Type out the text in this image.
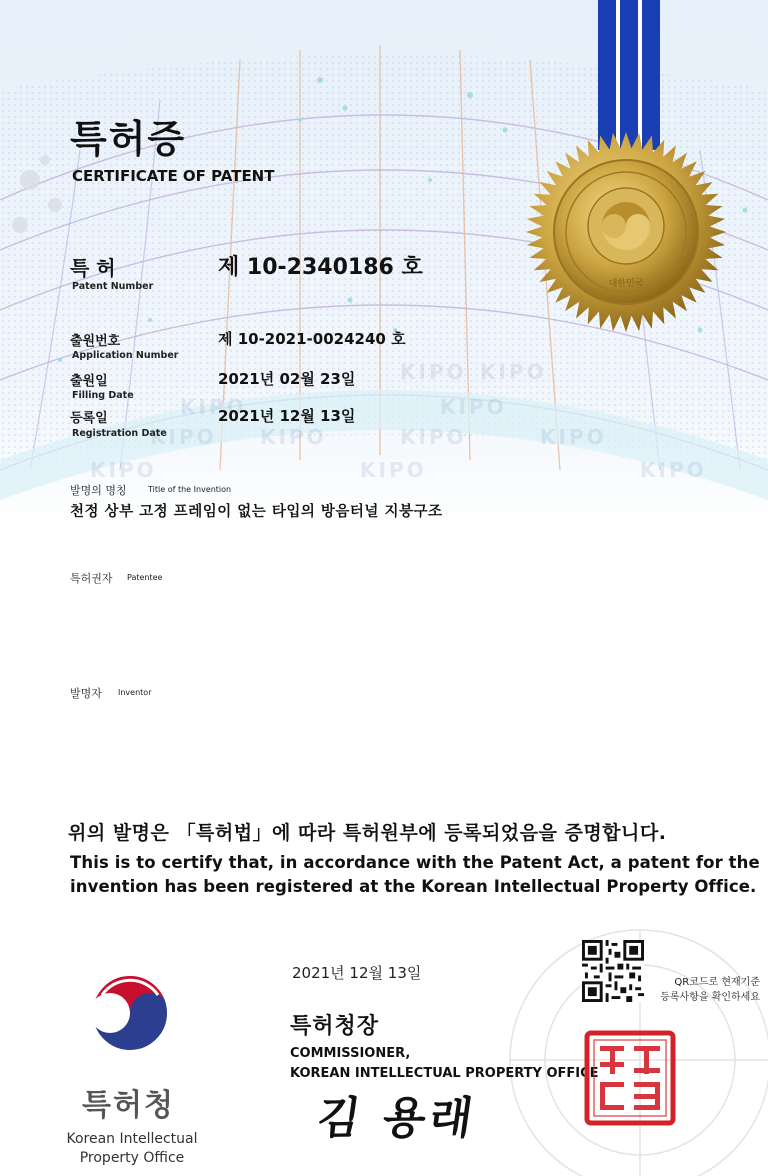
KIPO KIPO
KIPO	KIPO
KIPO KIPO	KIPO	KIPO
KIPO	KIPO	KIPO
대한민국
특허증
CERTIFICATE OF PATENT
특 허
Patent Number
제 10-2340186 호
출원번호
Application Number
제 10-2021-0024240 호
출원일
Filling Date
2021년 02월 23일
등록일
Registration Date
2021년 12월 13일
발명의 명칭	Title of the Invention
천정 상부 고정 프레임이 없는 타입의 방음터널 지붕구조
특허권자 Patentee
발명자 Inventor
위의 발명은 「특허법」에 따라 특허원부에 등록되었음을 증명합니다.
This is to certify that, in accordance with the Patent Act, a patent for the
invention has been registered at the Korean Intellectual Property Office.
2021년 12월 13일
QR코드로 현재기준
등록사항을 확인하세요
특허청장
COMMISSIONER,
KOREAN INTELLECTUAL PROPERTY OFFICE
김 용래
특허청
Korean Intellectual
Property Office
